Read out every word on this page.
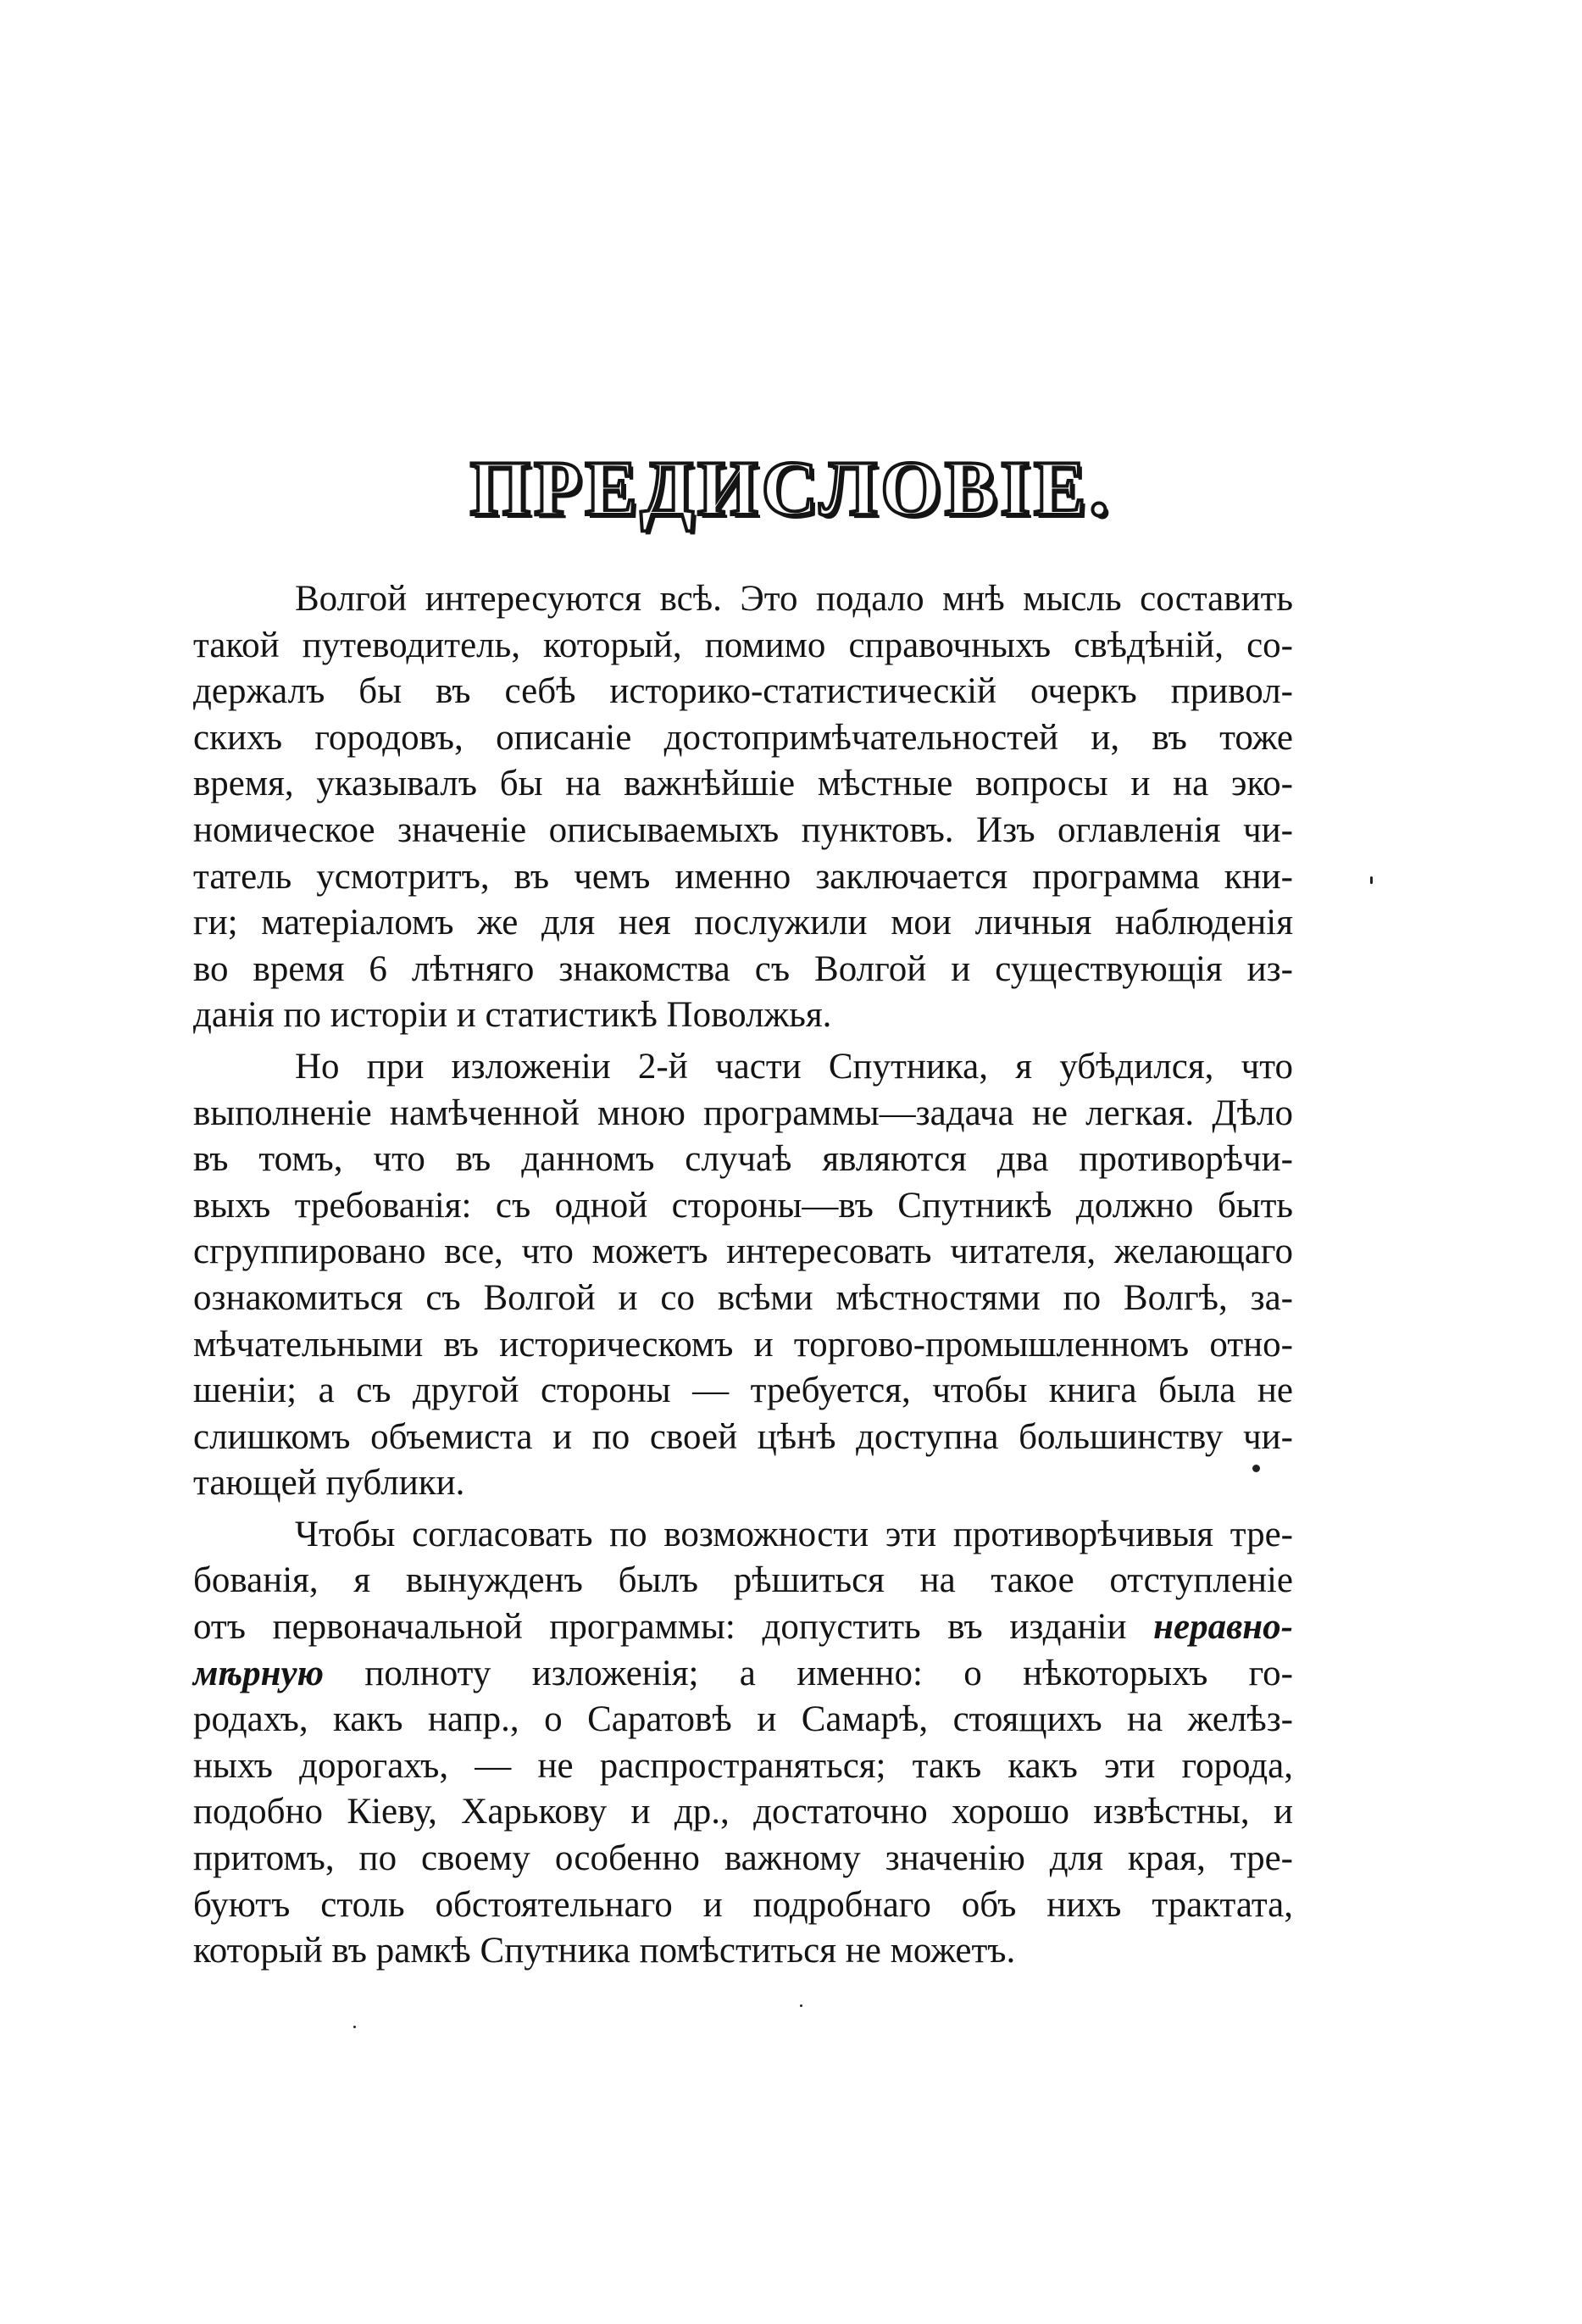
ПРЕДИСЛОВІЕ.
Волгой интересуются всѣ. Это подало мнѣ мысль составить
такой путеводитель, который, помимо справочныхъ свѣдѣній, со-
держалъ бы въ себѣ историко-статистическій очеркъ привол-
скихъ городовъ, описаніе достопримѣчательностей и, въ тоже
время, указывалъ бы на важнѣйшіе мѣстные вопросы и на эко-
номическое значеніе описываемыхъ пунктовъ. Изъ оглавленія чи-
татель усмотритъ, въ чемъ именно заключается программа кни-
ги; матеріаломъ же для нея послужили мои личныя наблюденія
во время 6 лѣтняго знакомства съ Волгой и существующія из-
данія по исторіи и статистикѣ Поволжья.
Но при изложеніи 2-й части Спутника, я убѣдился, что
выполненіе намѣченной мною программы—задача не легкая. Дѣло
въ томъ, что въ данномъ случаѣ являются два противорѣчи-
выхъ требованія: съ одной стороны—въ Спутникѣ должно быть
сгруппировано все, что можетъ интересовать читателя, желающаго
ознакомиться съ Волгой и со всѣми мѣстностями по Волгѣ, за-
мѣчательными въ историческомъ и торгово-промышленномъ отно-
шеніи; а съ другой стороны — требуется, чтобы книга была не
слишкомъ объемиста и по своей цѣнѣ доступна большинству чи-
тающей публики.
Чтобы согласовать по возможности эти противорѣчивыя тре-
бованія, я вынужденъ былъ рѣшиться на такое отступленіе
отъ первоначальной программы: допустить въ изданіи неравно-
мѣрную полноту изложенія; а именно: о нѣкоторыхъ го-
родахъ, какъ напр., о Саратовѣ и Самарѣ, стоящихъ на желѣз-
ныхъ дорогахъ, — не распространяться; такъ какъ эти города,
подобно Кіеву, Харькову и др., достаточно хорошо извѣстны, и
притомъ, по своему особенно важному значенію для края, тре-
буютъ столь обстоятельнаго и подробнаго объ нихъ трактата,
который въ рамкѣ Спутника помѣститься не можетъ.
